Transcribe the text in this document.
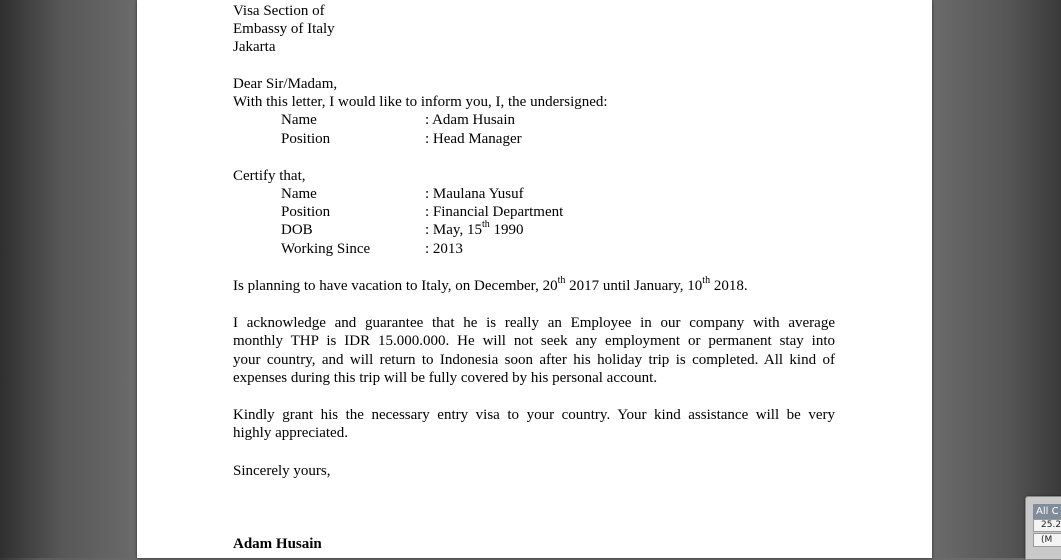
Visa Section of
Embassy of Italy
Jakarta
Dear Sir/Madam,
With this letter, I would like to inform you, I, the undersigned:
Name	: Adam Husain
Position	: Head Manager
Certify that,
Name	: Maulana Yusuf
Position	: Financial Department
DOB	: May, 15th 1990
Working Since	: 2013
Is planning to have vacation to Italy, on December, 20th 2017 until January, 10th 2018.
I acknowledge and guarantee that he is really an Employee in our company with average
monthly THP is IDR 15.000.000. He will not seek any employment or permanent stay into
your country, and will return to Indonesia soon after his holiday trip is completed. All kind of
expenses during this trip will be fully covered by his personal account.
Kindly grant his the necessary entry visa to your country. Your kind assistance will be very
highly appreciated.
Sincerely yours,
Adam Husain
All C
25.2
(M
